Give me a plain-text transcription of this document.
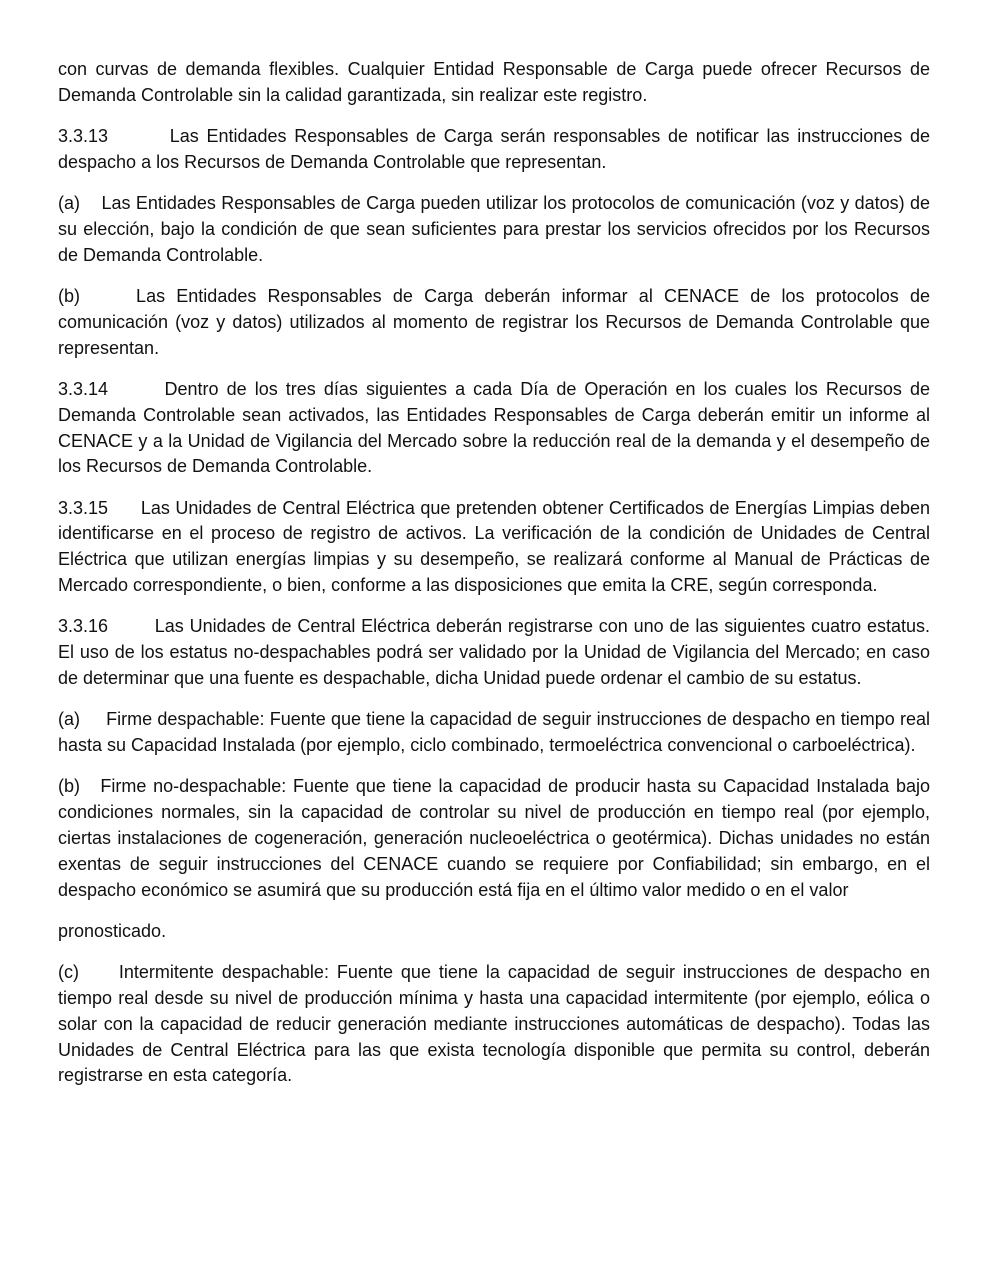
con curvas de demanda flexibles. Cualquier Entidad Responsable de Carga puede ofrecer Recursos de Demanda Controlable sin la calidad garantizada, sin realizar este registro.

3.3.13        Las Entidades Responsables de Carga serán responsables de notificar las instrucciones de despacho a los Recursos de Demanda Controlable que representan.

(a)    Las Entidades Responsables de Carga pueden utilizar los protocolos de comunicación (voz y datos) de su elección, bajo la condición de que sean suficientes para prestar los servicios ofrecidos por los Recursos de Demanda Controlable.

(b)     Las Entidades Responsables de Carga deberán informar al CENACE de los protocolos de comunicación (voz y datos) utilizados al momento de registrar los Recursos de Demanda Controlable que representan.

3.3.14       Dentro de los tres días siguientes a cada Día de Operación en los cuales los Recursos de Demanda Controlable sean activados, las Entidades Responsables de Carga deberán emitir un informe al CENACE y a la Unidad de Vigilancia del Mercado sobre la reducción real de la demanda y el desempeño de los Recursos de Demanda Controlable.

3.3.15      Las Unidades de Central Eléctrica que pretenden obtener Certificados de Energías Limpias deben identificarse en el proceso de registro de activos. La verificación de la condición de Unidades de Central Eléctrica que utilizan energías limpias y su desempeño, se realizará conforme al Manual de Prácticas de Mercado correspondiente, o bien, conforme a las disposiciones que emita la CRE, según corresponda.

3.3.16        Las Unidades de Central Eléctrica deberán registrarse con uno de las siguientes cuatro estatus. El uso de los estatus no-despachables podrá ser validado por la Unidad de Vigilancia del Mercado; en caso de determinar que una fuente es despachable, dicha Unidad puede ordenar el cambio de su estatus.

(a)     Firme despachable: Fuente que tiene la capacidad de seguir instrucciones de despacho en tiempo real hasta su Capacidad Instalada (por ejemplo, ciclo combinado, termoeléctrica convencional o carboeléctrica).

(b)   Firme no-despachable: Fuente que tiene la capacidad de producir hasta su Capacidad Instalada bajo condiciones normales, sin la capacidad de controlar su nivel de producción en tiempo real (por ejemplo, ciertas instalaciones de cogeneración, generación nucleoeléctrica o geotérmica). Dichas unidades no están exentas de seguir instrucciones del CENACE cuando se requiere por Confiabilidad; sin embargo, en el despacho económico se asumirá que su producción está fija en el último valor medido o en el valor

pronosticado.

(c)     Intermitente despachable: Fuente que tiene la capacidad de seguir instrucciones de despacho en tiempo real desde su nivel de producción mínima y hasta una capacidad intermitente (por ejemplo, eólica o solar con la capacidad de reducir generación mediante instrucciones automáticas de despacho). Todas las Unidades de Central Eléctrica para las que exista tecnología disponible que permita su control, deberán registrarse en esta categoría.
